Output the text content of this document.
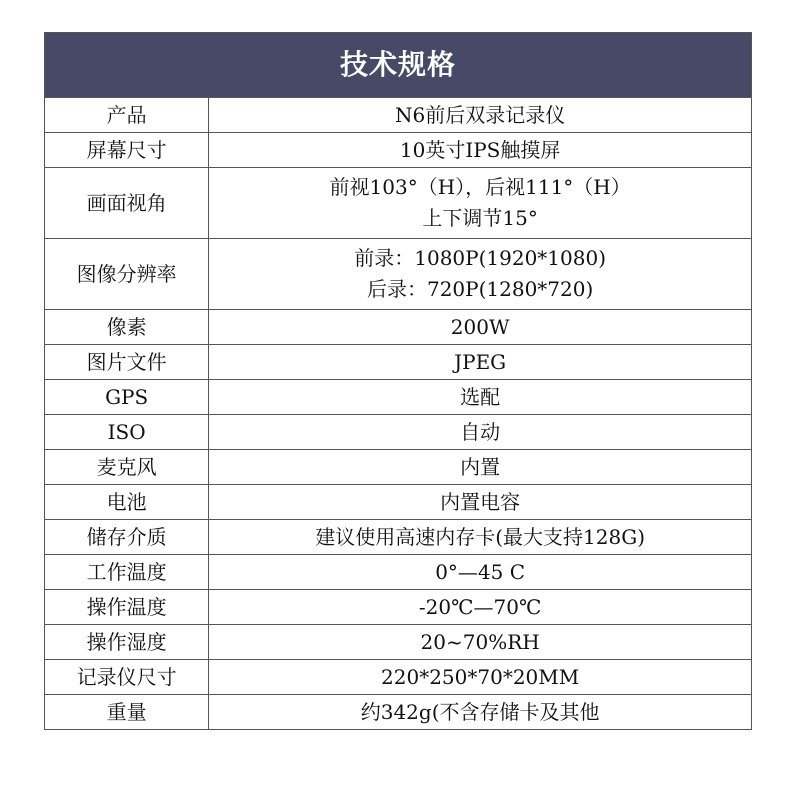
技术规格	
产品	N6前后双录记录仪
屏幕尺寸	10英寸IPS触摸屏
画面视角	前视103°（H），后视111°（H）
上下调节15°
图像分辨率	前录：1080P(1920*1080)
后录：720P(1280*720)
像素	200W
图片文件	JPEG
GPS	选配
ISO	自动
麦克风	内置
电池	内置电容
储存介质	建议使用高速内存卡(最大支持128G)
工作温度	0°—45 C
操作温度	-20℃—70℃
操作湿度	20~70%RH
记录仪尺寸	220*250*70*20MM
重量	约342g(不含存储卡及其他
